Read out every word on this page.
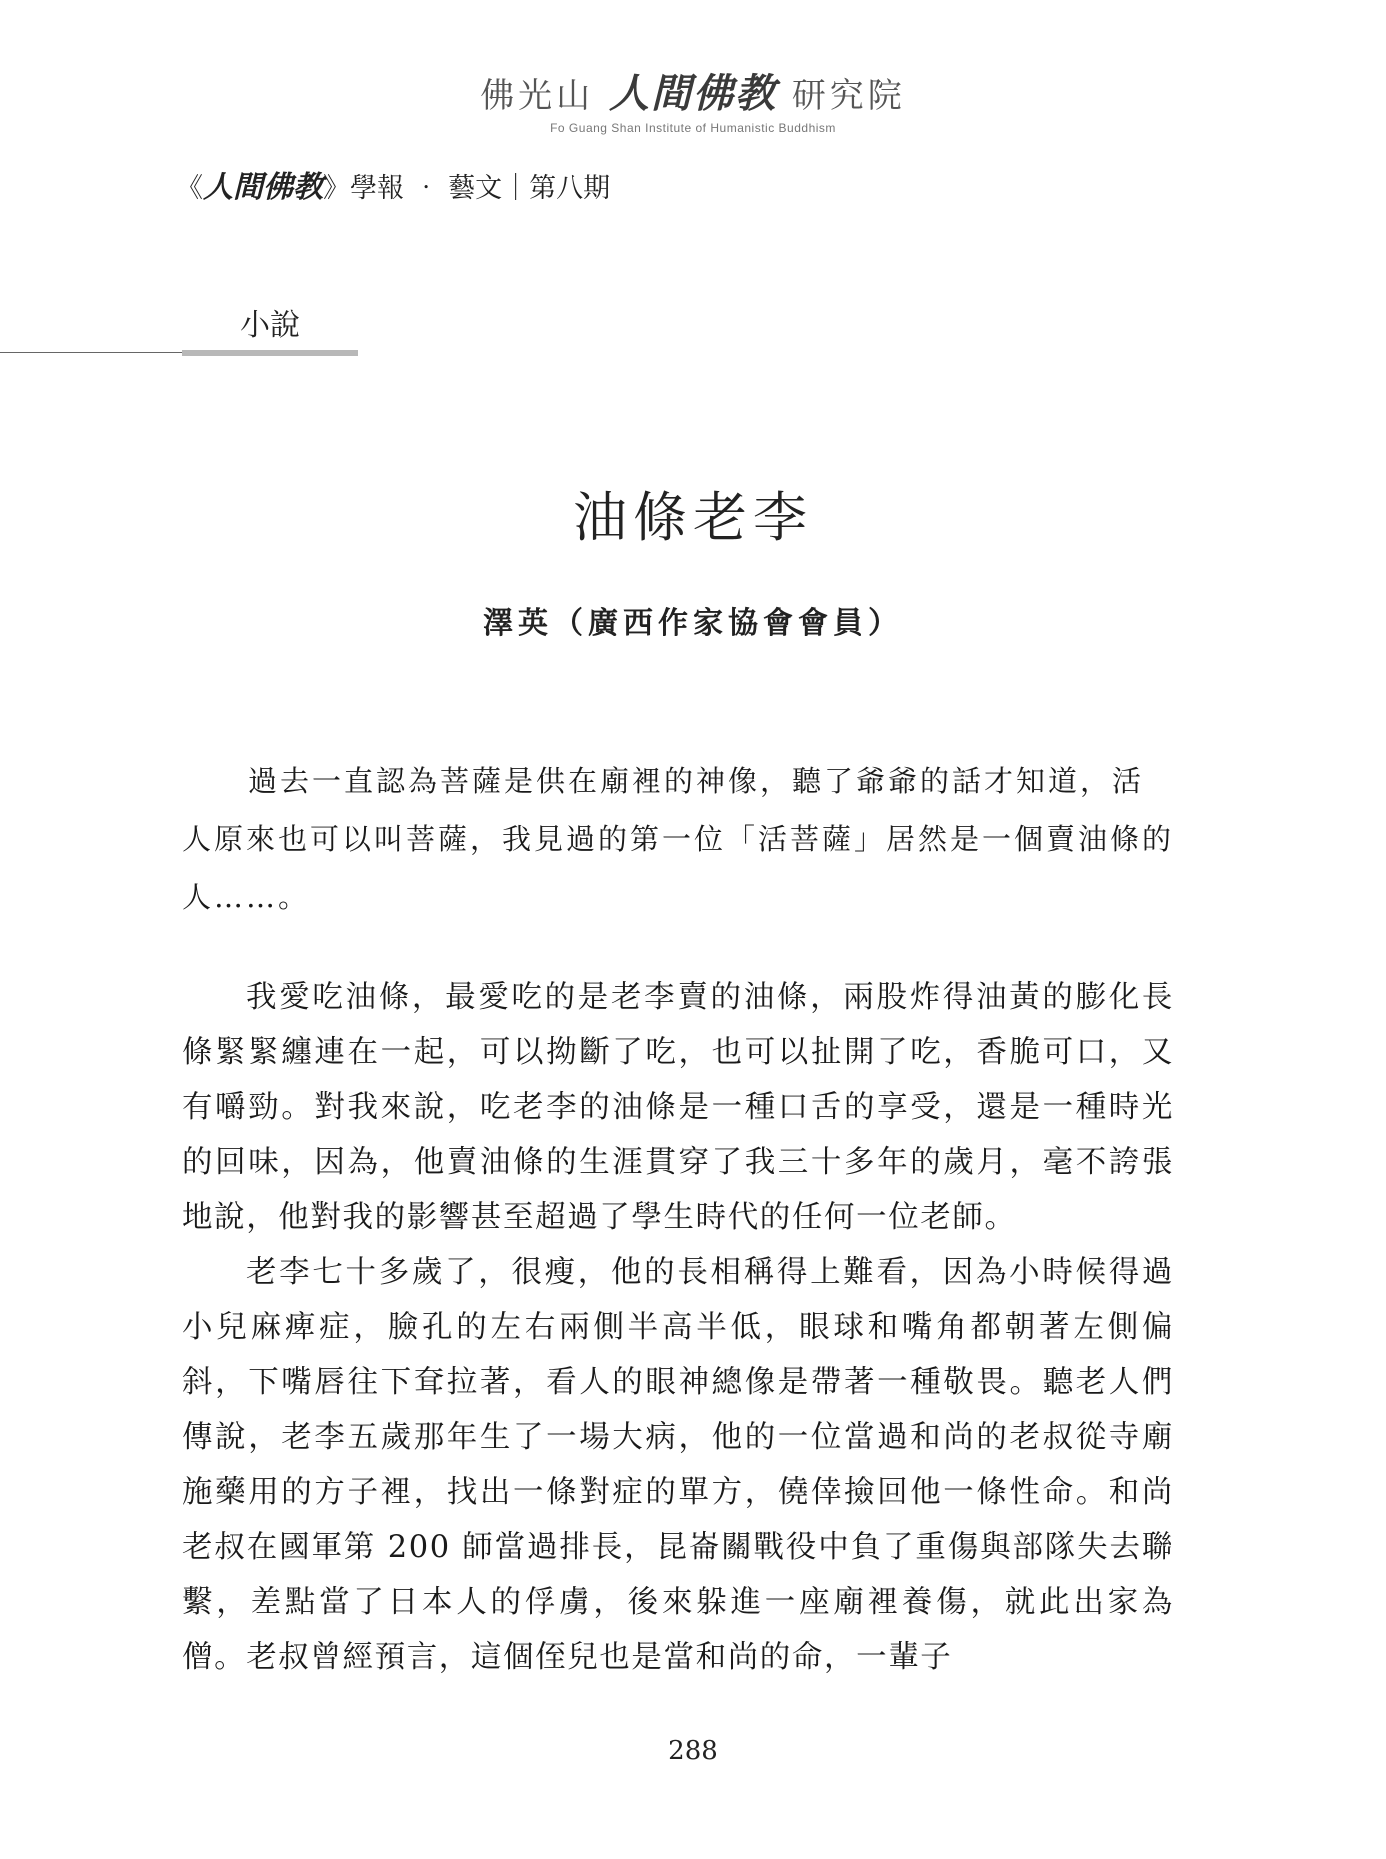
佛光山 人間佛教 研究院
Fo Guang Shan Institute of Humanistic Buddhism
《人間佛教》學報 ‧ 藝文｜第八期
小說
油條老李
澤英（廣西作家協會會員）
過去一直認為菩薩是供在廟裡的神像，聽了爺爺的話才知道，活人原來也可以叫菩薩，我見過的第一位「活菩薩」居然是一個賣油條的人……。

我愛吃油條，最愛吃的是老李賣的油條，兩股炸得油黃的膨化長條緊緊纏連在一起，可以拗斷了吃，也可以扯開了吃，香脆可口，又有嚼勁。對我來說，吃老李的油條是一種口舌的享受，還是一種時光的回味，因為，他賣油條的生涯貫穿了我三十多年的歲月，毫不誇張地說，他對我的影響甚至超過了學生時代的任何一位老師。

老李七十多歲了，很瘦，他的長相稱得上難看，因為小時候得過小兒麻痺症，臉孔的左右兩側半高半低，眼球和嘴角都朝著左側偏斜，下嘴唇往下耷拉著，看人的眼神總像是帶著一種敬畏。聽老人們傳說，老李五歲那年生了一場大病，他的一位當過和尚的老叔從寺廟施藥用的方子裡，找出一條對症的單方，僥倖撿回他一條性命。和尚老叔在國軍第 200 師當過排長，昆崙關戰役中負了重傷與部隊失去聯繫，差點當了日本人的俘虜，後來躲進一座廟裡養傷，就此出家為僧。老叔曾經預言，這個侄兒也是當和尚的命，一輩子

288
